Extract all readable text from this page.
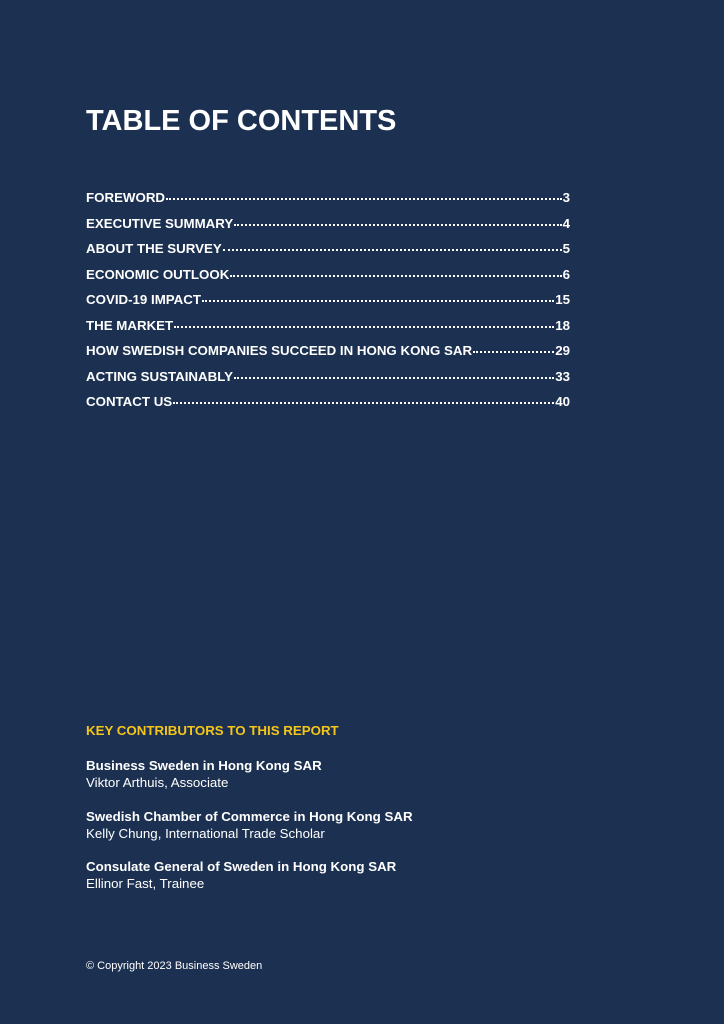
TABLE OF CONTENTS
FOREWORD	3
EXECUTIVE SUMMARY	4
ABOUT THE SURVEY	5
ECONOMIC OUTLOOK	6
COVID-19 IMPACT	15
THE MARKET	18
HOW SWEDISH COMPANIES SUCCEED IN HONG KONG SAR	29
ACTING SUSTAINABLY	33
CONTACT US	40
KEY CONTRIBUTORS TO THIS REPORT
Business Sweden in Hong Kong SAR
Viktor Arthuis, Associate
Swedish Chamber of Commerce in Hong Kong SAR
Kelly Chung, International Trade Scholar
Consulate General of Sweden in Hong Kong SAR
Ellinor Fast, Trainee
© Copyright 2023 Business Sweden
